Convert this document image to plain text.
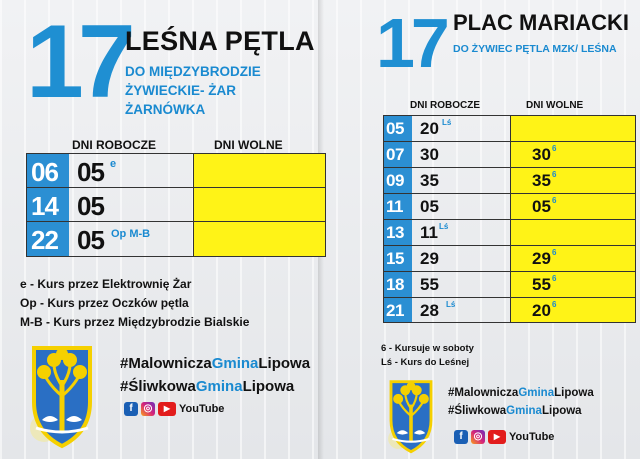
17
LEŚNA PĘTLA
DO MIĘDZYBRODZIE ŻYWIECKIE- ŻAR ŻARNÓWKA
DNI ROBOCZE	DNI WOLNE
06 05 e
14 05
22 05 Op M-B
e - Kurs przez Elektrownię Żar
Op - Kurs przez Oczków pętla
M-B - Kurs przez Międzybrodzie Bialskie
#MalowniczaGminaLipowa
#ŚliwkowaGminaLipowa
f	◎	▶ YouTube
17 PLAC MARIACKI
DO ŻYWIEC PĘTLA MZK/ LEŚNA
DNI ROBOCZE	DNI WOLNE
05 20 Lś
07 30	30 6
09 35	35 6
11 05	05 6
13 11 Lś
15 29	29 6
18 55	55 6
21 28 Lś	20 6
6 - Kursuje w soboty
Lś - Kurs do Leśnej
#MalowniczaGminaLipowa
#ŚliwkowaGminaLipowa
f	◎	▶ YouTube
